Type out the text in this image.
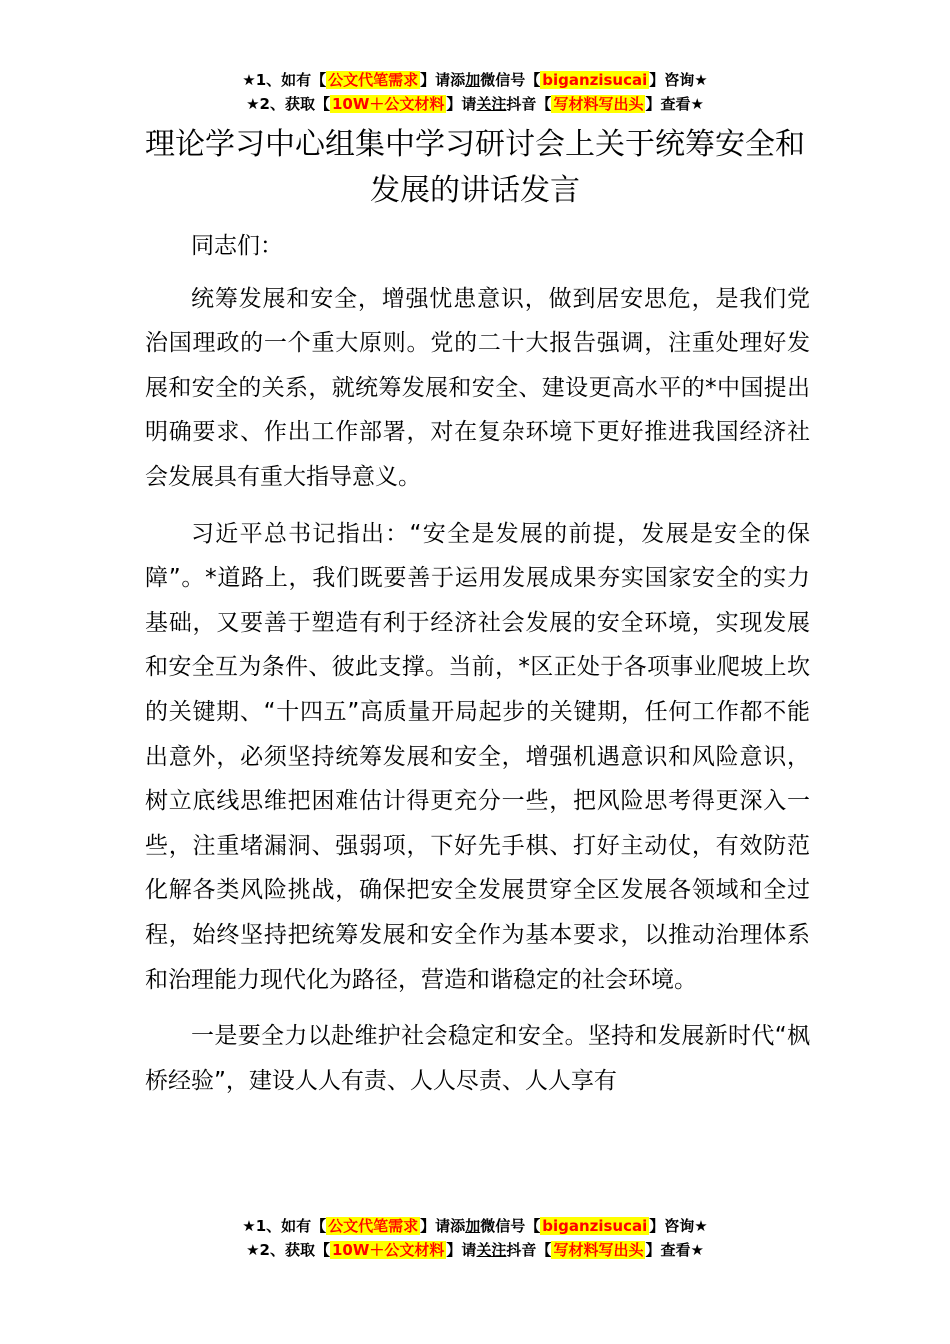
★1、如有【 公文代笔需求 】请添加微信号【 biganzisucai 】咨询★
★2、获取【 10W＋公文材料 】请关注抖音【 写材料写出头 】查看★
理论学习中心组集中学习研讨会上关于统筹安全和发展的讲话发言

同志们：

统筹发展和安全，增强忧患意识，做到居安思危，是我们党治国理政的一个重大原则。党的二十大报告强调，注重处理好发展和安全的关系，就统筹发展和安全、建设更高水平的*中国提出明确要求、作出工作部署，对在复杂环境下更好推进我国经济社会发展具有重大指导意义。

习近平总书记指出：“安全是发展的前提，发展是安全的保障”。*道路上，我们既要善于运用发展成果夯实国家安全的实力基础，又要善于塑造有利于经济社会发展的安全环境，实现发展和安全互为条件、彼此支撑。当前，*区正处于各项事业爬坡上坎的关键期、“十四五”高质量开局起步的关键期，任何工作都不能出意外，必须坚持统筹发展和安全，增强机遇意识和风险意识，树立底线思维把困难估计得更充分一些，把风险思考得更深入一些，注重堵漏洞、强弱项，下好先手棋、打好主动仗，有效防范化解各类风险挑战，确保把安全发展贯穿全区发展各领域和全过程，始终坚持把统筹发展和安全作为基本要求，以推动治理体系和治理能力现代化为路径，营造和谐稳定的社会环境。

一是要全力以赴维护社会稳定和安全。坚持和发展新时代“枫桥经验”，建设人人有责、人人尽责、人人享有

★1、如有【 公文代笔需求 】请添加微信号【 biganzisucai 】咨询★
★2、获取【 10W＋公文材料 】请关注抖音【 写材料写出头 】查看★
